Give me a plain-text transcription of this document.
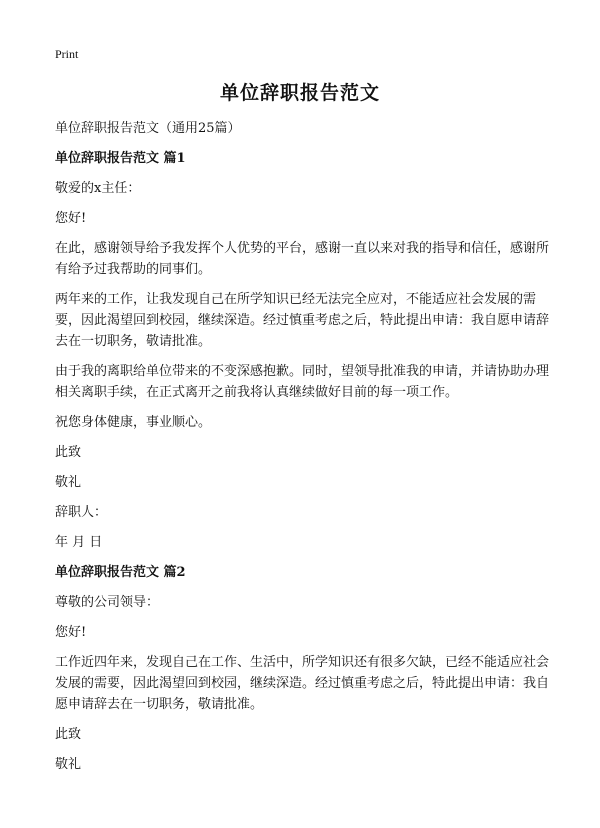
Print
单位辞职报告范文

单位辞职报告范文（通用25篇）

单位辞职报告范文 篇1

敬爱的x主任：

您好!

在此，感谢领导给予我发挥个人优势的平台，感谢一直以来对我的指导和信任，感谢所有给予过我帮助的同事们。

两年来的工作，让我发现自己在所学知识已经无法完全应对，不能适应社会发展的需要，因此渴望回到校园，继续深造。经过慎重考虑之后，特此提出申请：我自愿申请辞去在一切职务，敬请批准。

由于我的离职给单位带来的不变深感抱歉。同时，望领导批准我的申请，并请协助办理相关离职手续，在正式离开之前我将认真继续做好目前的每一项工作。

祝您身体健康，事业顺心。

此致

敬礼

辞职人：

年 月 日

单位辞职报告范文 篇2

尊敬的公司领导：

您好!

工作近四年来，发现自己在工作、生活中，所学知识还有很多欠缺，已经不能适应社会发展的需要，因此渴望回到校园，继续深造。经过慎重考虑之后，特此提出申请：我自愿申请辞去在一切职务，敬请批准。

此致

敬礼
